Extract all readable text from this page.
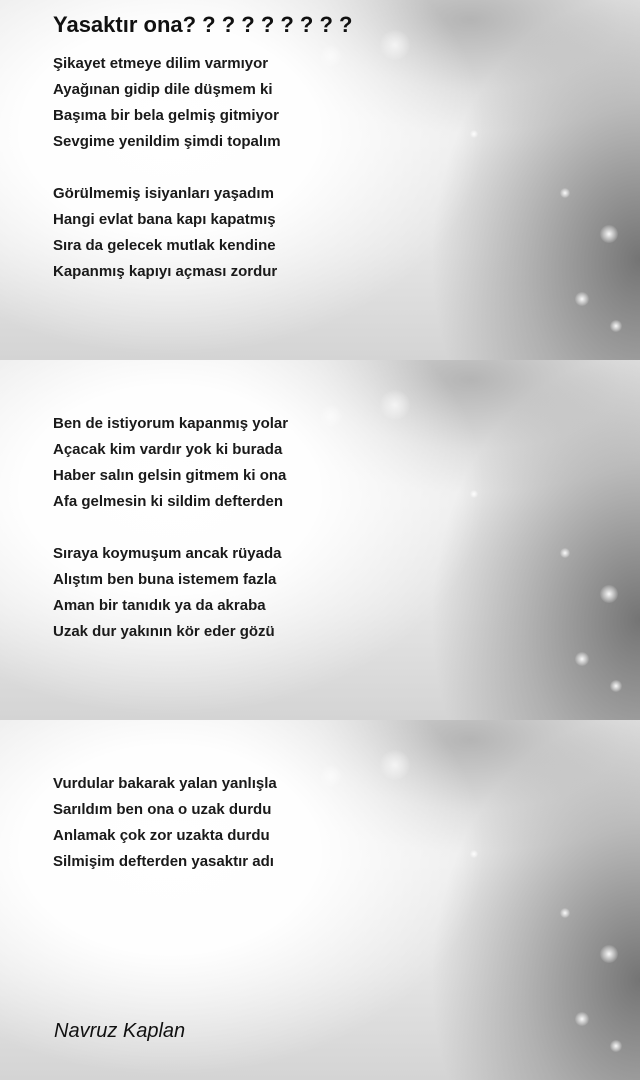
Yasaktır ona? ? ? ? ? ? ? ? ?
Şikayet etmeye dilim varmıyor
Ayağınan gidip dile düşmem ki
Başıma bir bela gelmiş gitmiyor
Sevgime yenildim şimdi topalım
Görülmemiş isiyanları yaşadım
Hangi evlat bana kapı kapatmış
Sıra da gelecek mutlak kendine
Kapanmış kapıyı açması zordur
Ben de istiyorum kapanmış yolar
Açacak kim vardır yok ki burada
Haber salın gelsin gitmem ki ona
Afa gelmesin ki sildim defterden
Sıraya koymuşum ancak rüyada
Alıştım ben buna istemem fazla
Aman bir tanıdık ya da akraba
Uzak dur yakının kör eder gözü
Vurdular bakarak yalan yanlışla
Sarıldım ben ona o uzak durdu
Anlamak çok zor uzakta durdu
Silmişim defterden yasaktır adı

Navruz Kaplan
